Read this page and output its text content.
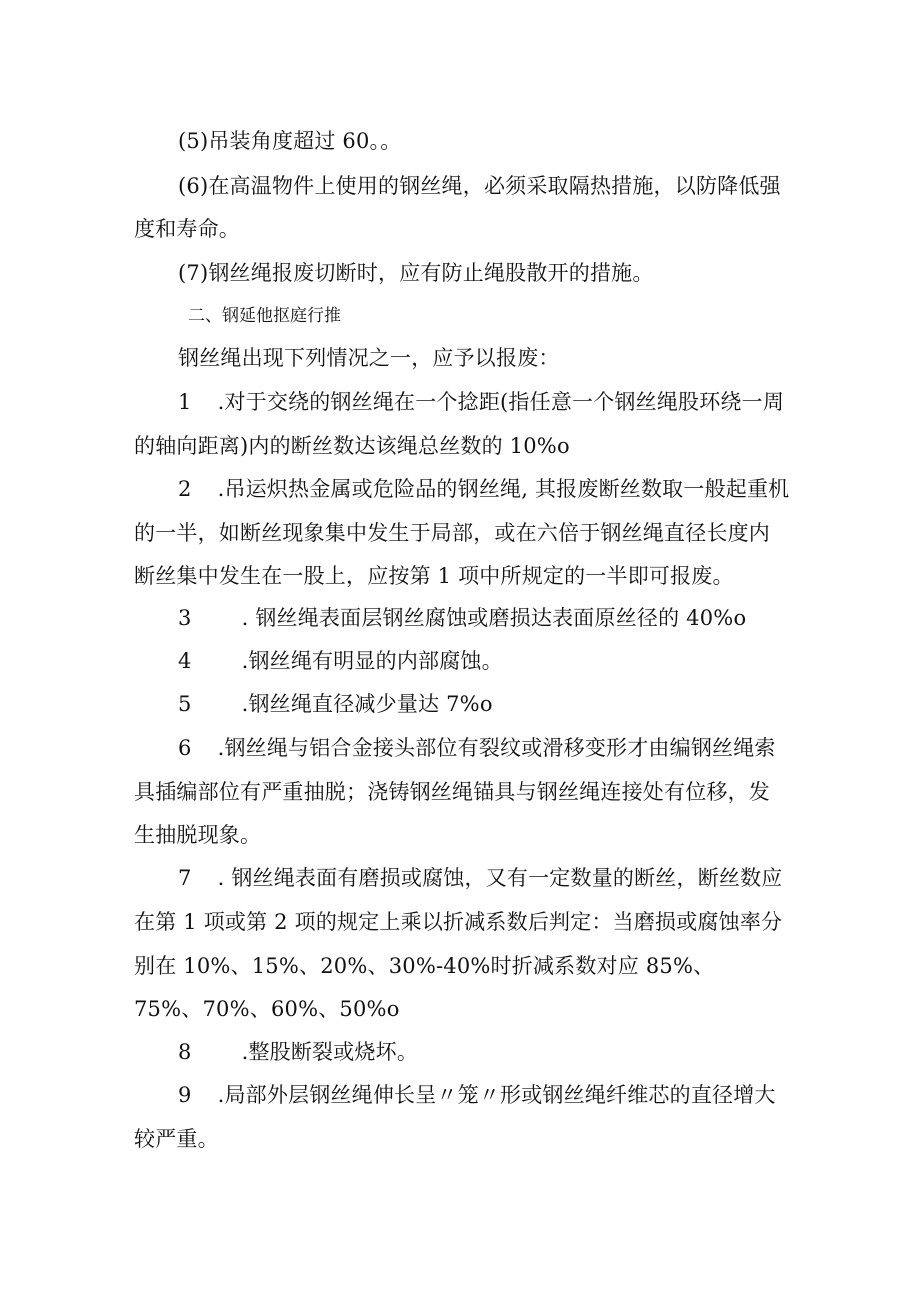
(5)吊装角度超过 60。。
(6)在高温物件上使用的钢丝绳，必须采取隔热措施，以防降低强
度和寿命。
(7)钢丝绳报废切断时，应有防止绳股散开的措施。
二、钢延他抠庭行推
钢丝绳出现下列情况之一，应予以报废：
1 .对于交绕的钢丝绳在一个捻距(指任意一个钢丝绳股环绕一周
的轴向距离)内的断丝数达该绳总丝数的 10%o
2 .吊运炽热金属或危险品的钢丝绳, 其报废断丝数取一般起重机
的一半，如断丝现象集中发生于局部，或在六倍于钢丝绳直径长度内
断丝集中发生在一股上，应按第 1 项中所规定的一半即可报废。
3 . 钢丝绳表面层钢丝腐蚀或磨损达表面原丝径的 40%o
4 .钢丝绳有明显的内部腐蚀。
5 .钢丝绳直径减少量达 7%o
6 .钢丝绳与铝合金接头部位有裂纹或滑移变形才由编钢丝绳索
具插编部位有严重抽脱；浇铸钢丝绳锚具与钢丝绳连接处有位移，发
生抽脱现象。
7 . 钢丝绳表面有磨损或腐蚀，又有一定数量的断丝，断丝数应
在第 1 项或第 2 项的规定上乘以折减系数后判定：当磨损或腐蚀率分
别在 10%、15%、20%、30%-40%时折减系数对应 85%、
75%、70%、60%、50%o
8 .整股断裂或烧坏。
9 .局部外层钢丝绳伸长呈〃笼〃形或钢丝绳纤维芯的直径增大
较严重。
